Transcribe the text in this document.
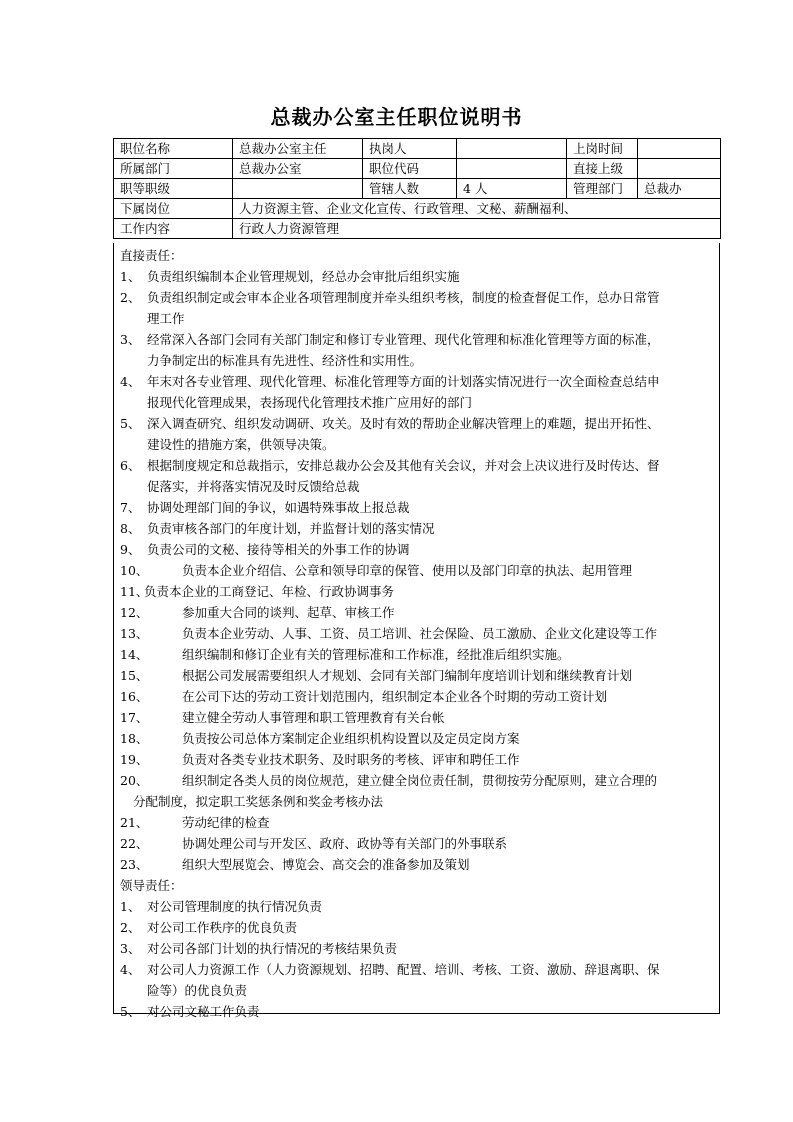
总裁办公室主任职位说明书
职位名称	总裁办公室主任	执岗人		上岗时间	
所属部门	总裁办公室	职位代码		直接上级	
职等职级		管辖人数	4 人	管理部门	总裁办
下属岗位	人力资源主管、企业文化宣传、行政管理、文秘、薪酬福利、				
工作内容	行政人力资源管理				
直接责任：
1、 负责组织编制本企业管理规划，经总办会审批后组织实施
2、 负责组织制定或会审本企业各项管理制度并牵头组织考核，制度的检查督促工作，总办日常管
理工作
3、 经常深入各部门会同有关部门制定和修订专业管理、现代化管理和标准化管理等方面的标准，
力争制定出的标准具有先进性、经济性和实用性。
4、 年末对各专业管理、现代化管理、标准化管理等方面的计划落实情况进行一次全面检查总结申
报现代化管理成果，表扬现代化管理技术推广应用好的部门
5、 深入调查研究、组织发动调研、攻关。及时有效的帮助企业解决管理上的难题，提出开拓性、
建设性的措施方案，供领导决策。
6、 根据制度规定和总裁指示，安排总裁办公会及其他有关会议，并对会上决议进行及时传达、督
促落实，并将落实情况及时反馈给总裁
7、 协调处理部门间的争议，如遇特殊事故上报总裁
8、 负责审核各部门的年度计划，并监督计划的落实情况
9、 负责公司的文秘、接待等相关的外事工作的协调
10、	负责本企业介绍信、公章和领导印章的保管、使用以及部门印章的执法、起用管理
11、
负责本企业的工商登记、年检、行政协调事务
12、	参加重大合同的谈判、起草、审核工作
13、	负责本企业劳动、人事、工资、员工培训、社会保险、员工激励、企业文化建设等工作
14、	组织编制和修订企业有关的管理标准和工作标准，经批准后组织实施。
15、	根据公司发展需要组织人才规划、会同有关部门编制年度培训计划和继续教育计划
16、	在公司下达的劳动工资计划范围内，组织制定本企业各个时期的劳动工资计划
17、	建立健全劳动人事管理和职工管理教育有关台帐
18、	负责按公司总体方案制定企业组织机构设置以及定员定岗方案
19、	负责对各类专业技术职务、及时职务的考核、评审和聘任工作
20、	组织制定各类人员的岗位规范，建立健全岗位责任制，贯彻按劳分配原则，建立合理的
分配制度，拟定职工奖惩条例和奖金考核办法
21、	劳动纪律的检查
22、	协调处理公司与开发区、政府、政协等有关部门的外事联系
23、	组织大型展览会、博览会、高交会的准备参加及策划
领导责任：
1、 对公司管理制度的执行情况负责
2、 对公司工作秩序的优良负责
3、 对公司各部门计划的执行情况的考核结果负责
4、 对公司人力资源工作（人力资源规划、招聘、配置、培训、考核、工资、激励、辞退离职、保
险等）的优良负责
5、 对公司文秘工作负责
